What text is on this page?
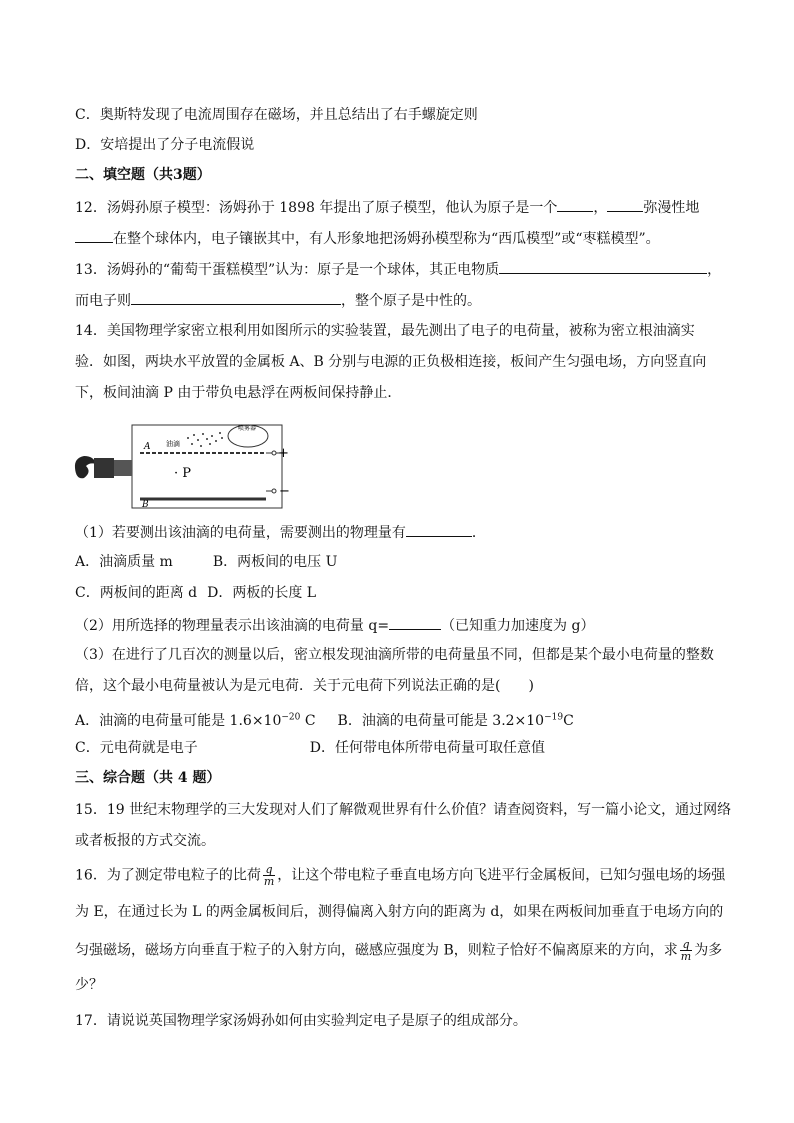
C．奥斯特发现了电流周围存在磁场，并且总结出了右手螺旋定则
D．安培提出了分子电流假说
二、填空题（共3题）
12．汤姆孙原子模型：汤姆孙于 1898 年提出了原子模型，他认为原子是一个	，	弥漫性地
在整个球体内，电子镶嵌其中，有人形象地把汤姆孙模型称为“西瓜模型”或“枣糕模型”。
13．汤姆孙的“葡萄干蛋糕模型”认为：原子是一个球体，其正电物质	，
而电子则	，整个原子是中性的。
14．美国物理学家密立根利用如图所示的实验装置，最先测出了电子的电荷量，被称为密立根油滴实
验．如图，两块水平放置的金属板 A、B 分别与电源的正负极相连接，板间产生匀强电场，方向竖直向
下，板间油滴 P 由于带负电悬浮在两板间保持静止．
油滴
喷雾器
A
B
· P
+
−
（1）若要测出该油滴的电荷量，需要测出的物理量有	．
A．油滴质量 m	B．两板间的电压 U
C．两板间的距离 d D．两板的长度 L
（2）用所选择的物理量表示出该油滴的电荷量 q=	（已知重力加速度为 g）
（3）在进行了几百次的测量以后，密立根发现油滴所带的电荷量虽不同，但都是某个最小电荷量的整数
倍，这个最小电荷量被认为是元电荷．关于元电荷下列说法正确的是(　　)
A．油滴的电荷量可能是 $1.6\times 10^{-20}$ C B．油滴的电荷量可能是 $3.2\times 10^{-19}C$
C．元电荷就是电子	D．任何带电体所带电荷量可取任意值
三、综合题（共 4 题）
15．19 世纪末物理学的三大发现对人们了解微观世界有什么价值？请查阅资料，写一篇小论文，通过网络
或者板报的方式交流。
16．为了测定带电粒子的比荷 $\frac{q}{m}$ ，让这个带电粒子垂直电场方向飞进平行金属板间，已知匀强电场的场强
为 E，在通过长为 L 的两金属板间后，测得偏离入射方向的距离为 d，如果在两板间加垂直于电场方向的
匀强磁场，磁场方向垂直于粒子的入射方向，磁感应强度为 B，则粒子恰好不偏离原来的方向，求 $\frac{q}{m}$ 为多
少？
17．请说说英国物理学家汤姆孙如何由实验判定电子是原子的组成部分。
